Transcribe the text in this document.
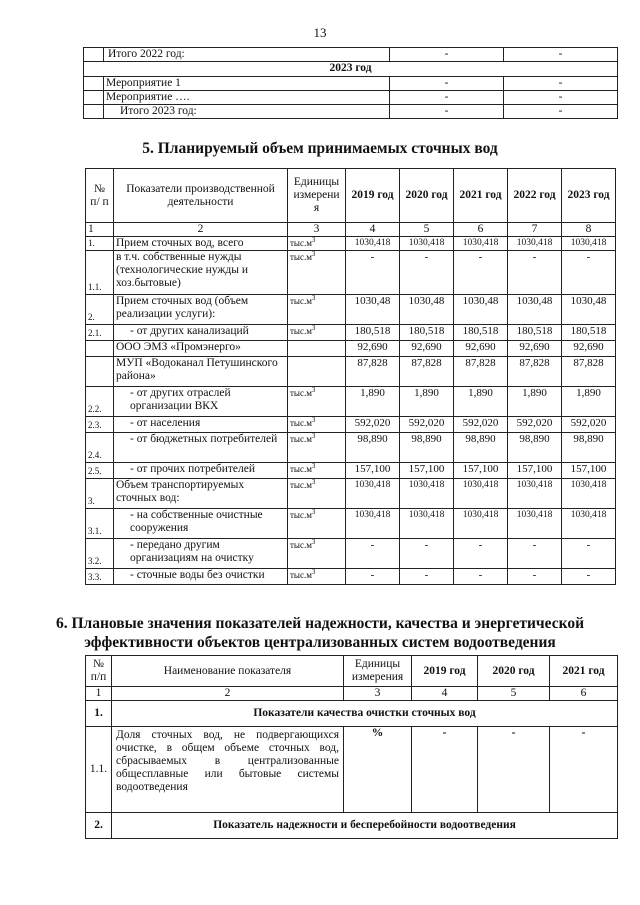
13
	Итого 2022 год:	-	-
2023 год			
	Мероприятие 1	-	-
	Мероприятие ….	-	-
	Итого 2023 год:	-	-
5. Планируемый объем принимаемых сточных вод
№ п/ п	Показатели производственной деятельности	Единицы измерени я	2019 год	2020 год	2021 год	2022 год	2023 год
1	2	3	4	5	6	7	8
1.	Прием сточных вод, всего	$тыс.м^3$	1030,418	1030,418	1030,418	1030,418	1030,418
1.1.	в т.ч. собственные нужды (технологические нужды и хоз.бытовые)	$тыс.м^3$	-	-	-	-	-
2.	Прием сточных вод (объем реализации услуги):	$тыс.м^3$	1030,48	1030,48	1030,48	1030,48	1030,48
2.1.	- от других канализаций	$тыс.м^3$	180,518	180,518	180,518	180,518	180,518
	ООО ЭМЗ «Промэнерго»		92,690	92,690	92,690	92,690	92,690
	МУП «Водоканал Петушинского района»		87,828	87,828	87,828	87,828	87,828
2.2.	- от других отраслей организации ВКХ	$тыс.м^3$	1,890	1,890	1,890	1,890	1,890
2.3.	- от населения	$тыс.м^3$	592,020	592,020	592,020	592,020	592,020
2.4.	- от бюджетных потребителей	$тыс.м^3$	98,890	98,890	98,890	98,890	98,890
2.5.	- от прочих потребителей	$тыс.м^3$	157,100	157,100	157,100	157,100	157,100
3.	Объем транспортируемых сточных вод:	$тыс.м^3$	1030,418	1030,418	1030,418	1030,418	1030,418
3.1.	- на собственные очистные сооружения	$тыс.м^3$	1030,418	1030,418	1030,418	1030,418	1030,418
3.2.	- передано другим организациям на очистку	$тыс.м^3$	-	-	-	-	-
3.3.	- сточные воды без очистки	$тыс.м^3$	-	-	-	-	-
6. Плановые значения показателей надежности, качества и энергетической
эффективности объектов централизованных систем водоотведения
№ п/п	Наименование показателя	Единицы измерения	2019 год	2020 год	2021 год
1	2	3	4	5	6
1.	Показатели качества очистки сточных вод				
1.1.	Доля сточных вод, не подвергающихся очистке, в общем объеме сточных вод, сбрасываемых в централизованные общесплавные или бытовые системы водоотведения	%	-	-	-
2.	Показатель надежности и бесперебойности водоотведения				
